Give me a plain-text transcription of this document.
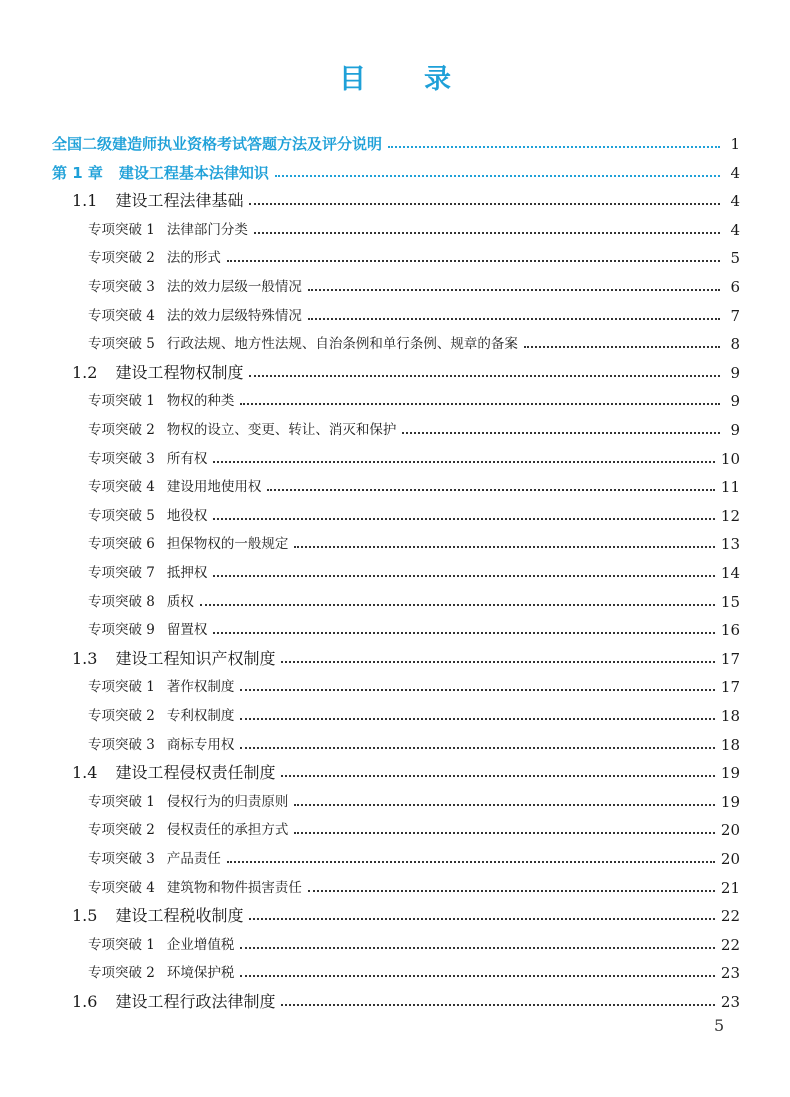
目 录
全国二级建造师执业资格考试答题方法及评分说明	1
第 1 章 建设工程基本法律知识	4
1.1 建设工程法律基础	4
专项突破 1 法律部门分类	4
专项突破 2 法的形式	5
专项突破 3 法的效力层级一般情况	6
专项突破 4 法的效力层级特殊情况	7
专项突破 5 行政法规、地方性法规、自治条例和单行条例、规章的备案	8
1.2 建设工程物权制度	9
专项突破 1 物权的种类	9
专项突破 2 物权的设立、变更、转让、消灭和保护	9
专项突破 3 所有权	10
专项突破 4 建设用地使用权	11
专项突破 5 地役权	12
专项突破 6 担保物权的一般规定	13
专项突破 7 抵押权	14
专项突破 8 质权	15
专项突破 9 留置权	16
1.3 建设工程知识产权制度	17
专项突破 1 著作权制度	17
专项突破 2 专利权制度	18
专项突破 3 商标专用权	18
1.4 建设工程侵权责任制度	19
专项突破 1 侵权行为的归责原则	19
专项突破 2 侵权责任的承担方式	20
专项突破 3 产品责任	20
专项突破 4 建筑物和物件损害责任	21
1.5 建设工程税收制度	22
专项突破 1 企业增值税	22
专项突破 2 环境保护税	23
1.6 建设工程行政法律制度	23
5
